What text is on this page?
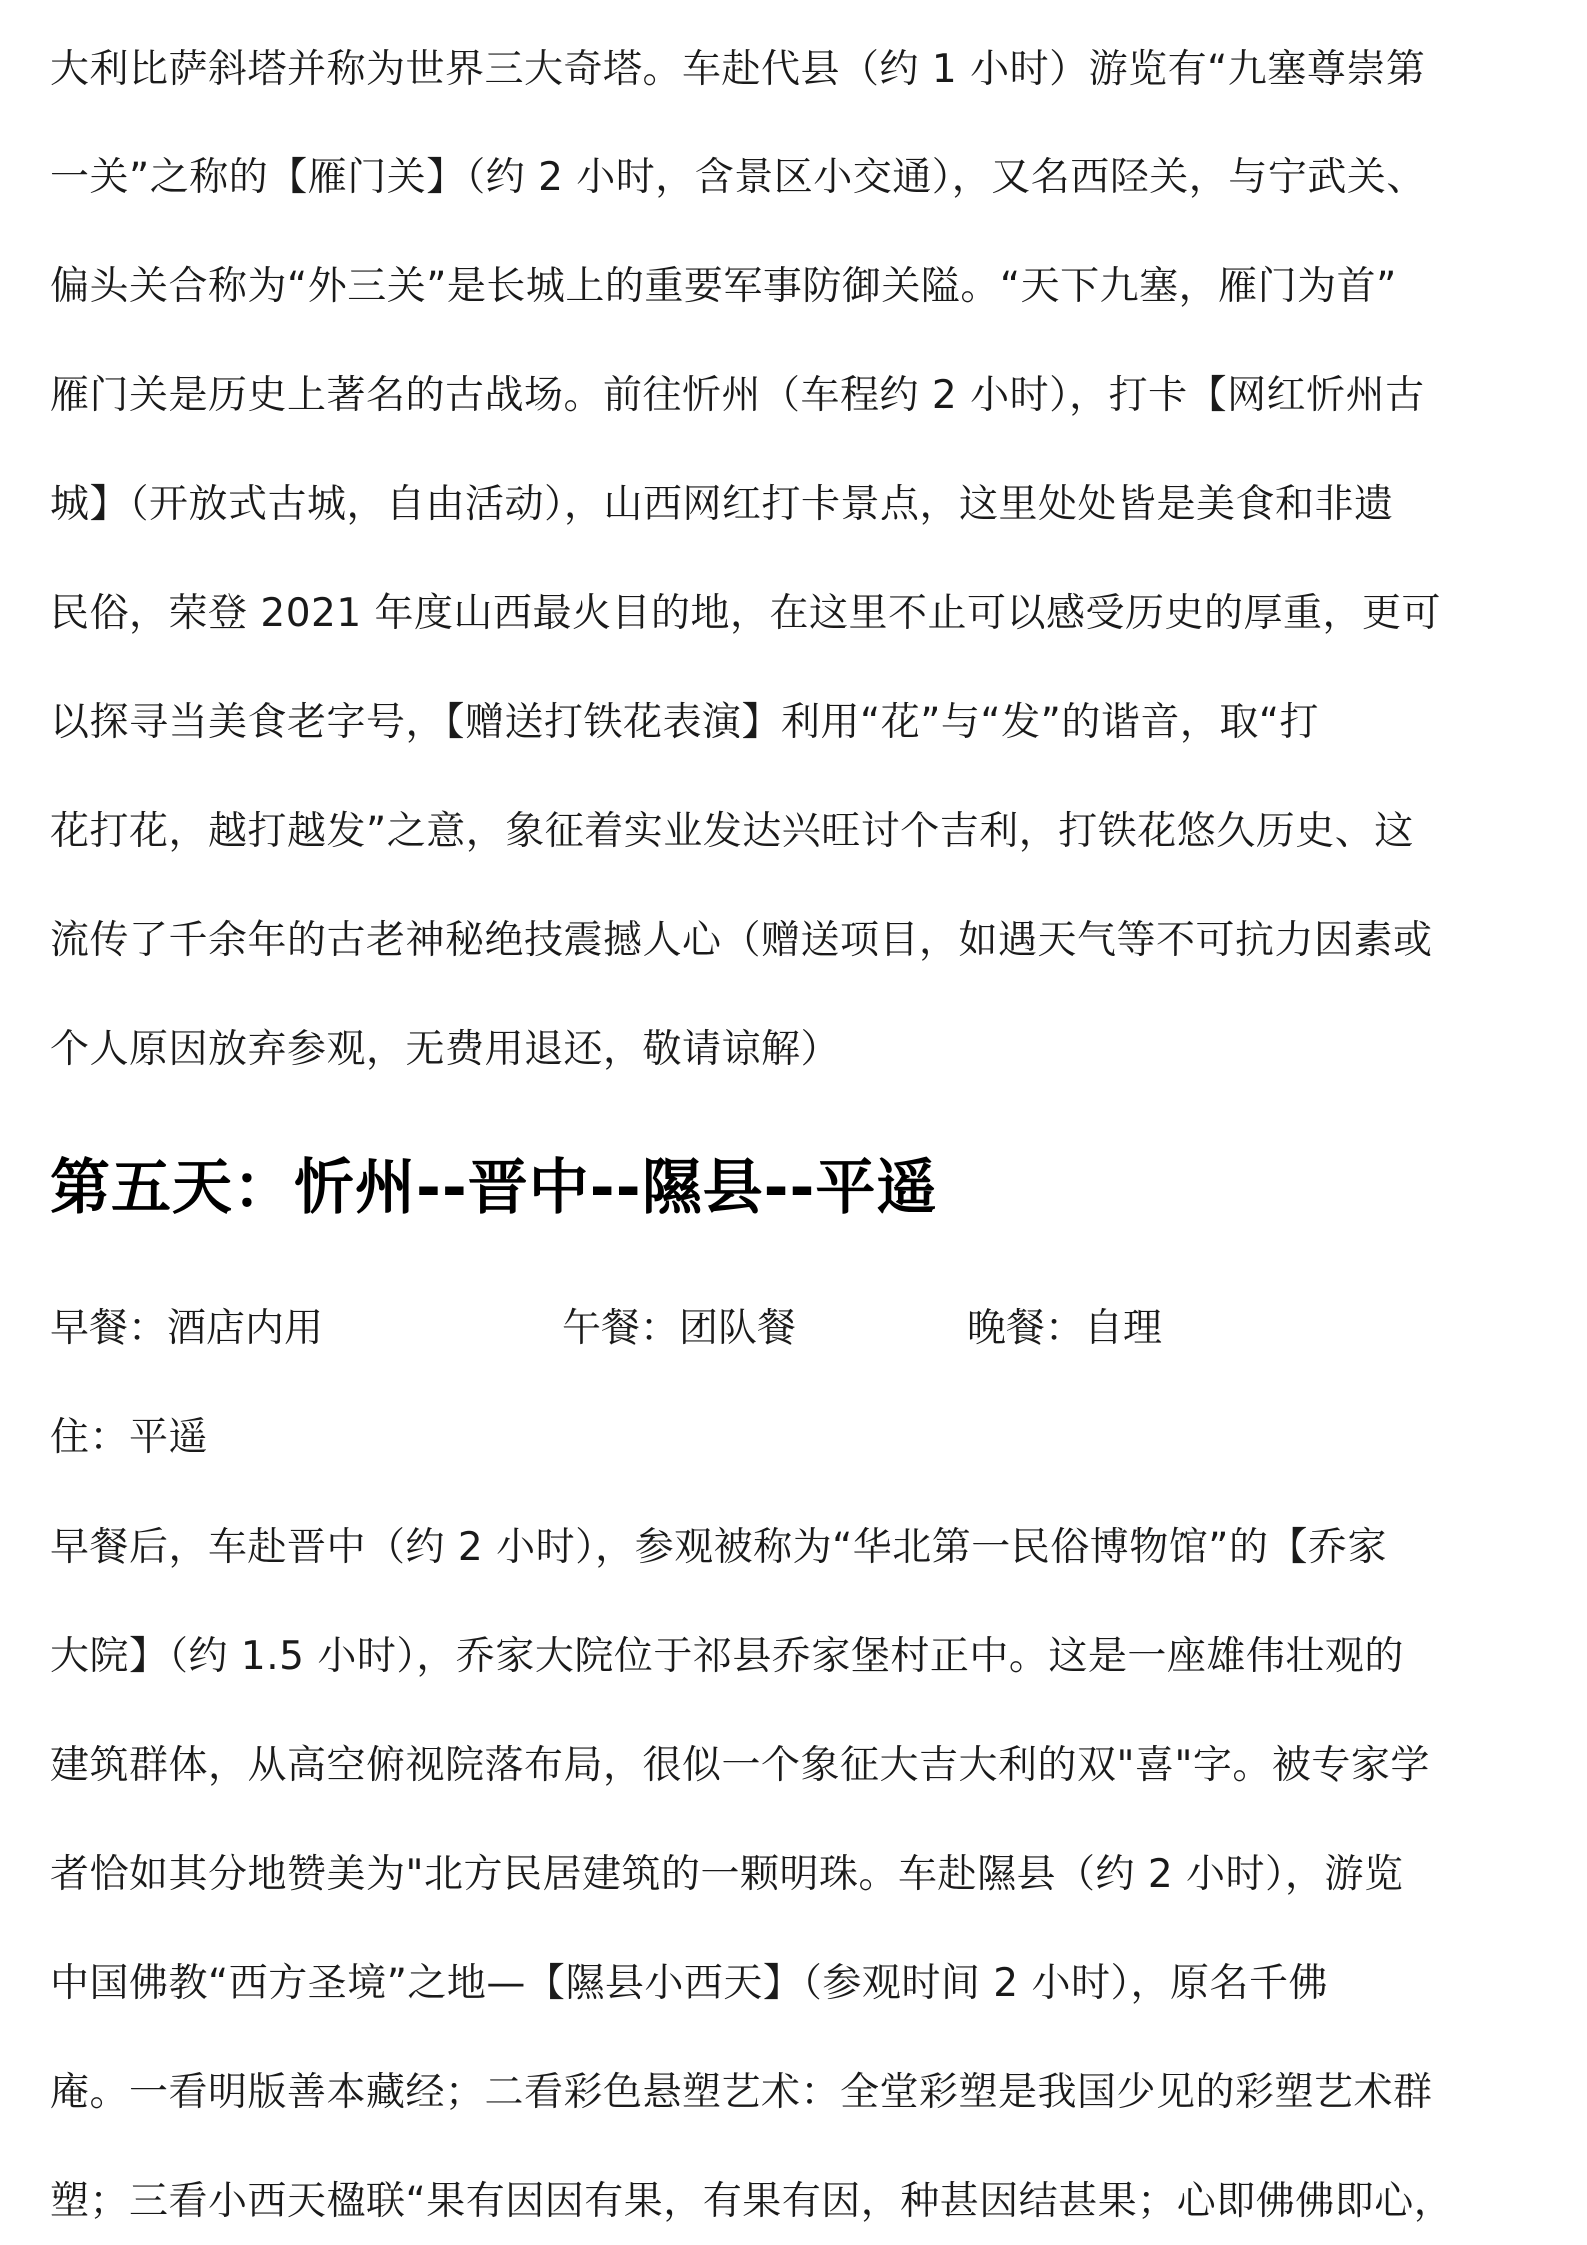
大利比萨斜塔并称为世界三大奇塔。车赴代县（约 1 小时）游览有“九塞尊崇第
一关”之称的【雁门关】（约 2 小时，含景区小交通），又名西陉关，与宁武关、
偏头关合称为“外三关”是长城上的重要军事防御关隘。“天下九塞，雁门为首”
雁门关是历史上著名的古战场。前往忻州（车程约 2 小时），打卡【网红忻州古
城】（开放式古城，自由活动），山西网红打卡景点，这里处处皆是美食和非遗
民俗，荣登 2021 年度山西最火目的地，在这里不止可以感受历史的厚重，更可
以探寻当美食老字号，【赠送打铁花表演】利用“花”与“发”的谐音，取“打
花打花，越打越发”之意，象征着实业发达兴旺讨个吉利，打铁花悠久历史、这
流传了千余年的古老神秘绝技震撼人心（赠送项目，如遇天气等不可抗力因素或
个人原因放弃参观，无费用退还，敬请谅解）
第五天：忻州--晋中--隰县--平遥
早餐：酒店内用	午餐：团队餐	晚餐：自理
住：平遥
早餐后，车赴晋中（约 2 小时），参观被称为“华北第一民俗博物馆”的【乔家
大院】（约 1.5 小时），乔家大院位于祁县乔家堡村正中。这是一座雄伟壮观的
建筑群体，从高空俯视院落布局，很似一个象征大吉大利的双"喜"字。被专家学
者恰如其分地赞美为"北方民居建筑的一颗明珠。车赴隰县（约 2 小时），游览
中国佛教“西方圣境”之地—【隰县小西天】（参观时间 2 小时），原名千佛
庵。一看明版善本藏经；二看彩色悬塑艺术：全堂彩塑是我国少见的彩塑艺术群
塑；三看小西天楹联“果有因因有果，有果有因，种甚因结甚果；心即佛佛即心，
